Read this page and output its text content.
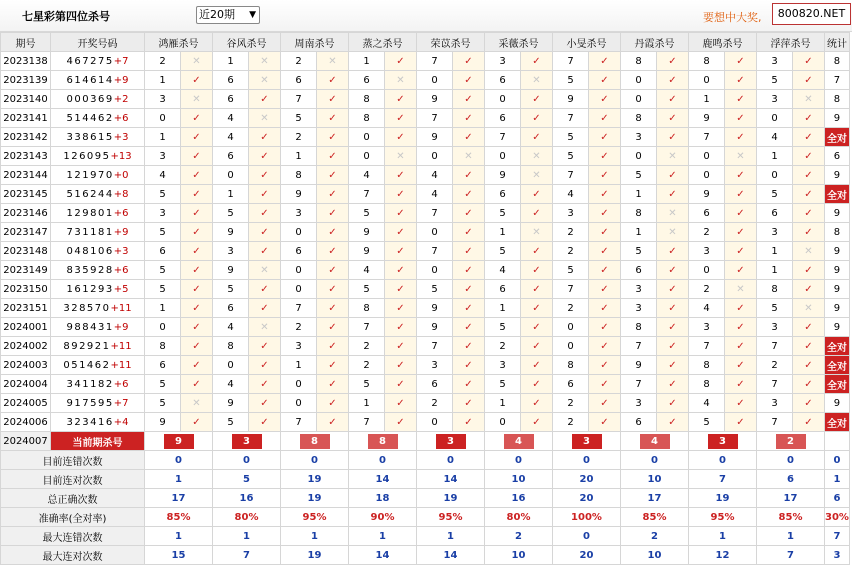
七星彩第四位杀号	近20期 ▼	要想中大奖,	800820.NET
期号	开奖号码	鸿雁杀号		谷风杀号		周南杀号		蒸之杀号		荣苡杀号		采薇杀号		小旻杀号		丹霞杀号		鹿鸣杀号		浮萍杀号		统计
2023138	467275+7	2	✕	1	✕	2	✕	1	✓	7	✓	3	✓	7	✓	8	✓	8	✓	3	✓	8
2023139	614614+9	1	✓	6	✕	6	✓	6	✕	0	✓	6	✕	5	✓	0	✓	0	✓	5	✓	7
2023140	000369+2	3	✕	6	✓	7	✓	8	✓	9	✓	0	✓	9	✓	0	✓	1	✓	3	✕	8
2023141	514462+6	0	✓	4	✕	5	✓	8	✓	7	✓	6	✓	7	✓	8	✓	9	✓	0	✓	9
2023142	338615+3	1	✓	4	✓	2	✓	0	✓	9	✓	7	✓	5	✓	3	✓	7	✓	4	✓	全对
2023143	126095+13	3	✓	6	✓	1	✓	0	✕	0	✕	0	✕	5	✓	0	✕	0	✕	1	✓	6
2023144	121970+0	4	✓	0	✓	8	✓	4	✓	4	✓	9	✕	7	✓	5	✓	0	✓	0	✓	9
2023145	516244+8	5	✓	1	✓	9	✓	7	✓	4	✓	6	✓	4	✓	1	✓	9	✓	5	✓	全对
2023146	129801+6	3	✓	5	✓	3	✓	5	✓	7	✓	5	✓	3	✓	8	✕	6	✓	6	✓	9
2023147	731181+9	5	✓	9	✓	0	✓	9	✓	0	✓	1	✕	2	✓	1	✕	2	✓	3	✓	8
2023148	048106+3	6	✓	3	✓	6	✓	9	✓	7	✓	5	✓	2	✓	5	✓	3	✓	1	✕	9
2023149	835928+6	5	✓	9	✕	0	✓	4	✓	0	✓	4	✓	5	✓	6	✓	0	✓	1	✓	9
2023150	161293+5	5	✓	5	✓	0	✓	5	✓	5	✓	6	✓	7	✓	3	✓	2	✕	8	✓	9
2023151	328570+11	1	✓	6	✓	7	✓	8	✓	9	✓	1	✓	2	✓	3	✓	4	✓	5	✕	9
2024001	988431+9	0	✓	4	✕	2	✓	7	✓	9	✓	5	✓	0	✓	8	✓	3	✓	3	✓	9
2024002	892921+11	8	✓	8	✓	3	✓	2	✓	7	✓	2	✓	0	✓	7	✓	7	✓	7	✓	全对
2024003	051462+11	6	✓	0	✓	1	✓	2	✓	3	✓	3	✓	8	✓	9	✓	8	✓	2	✓	全对
2024004	341182+6	5	✓	4	✓	0	✓	5	✓	6	✓	5	✓	6	✓	7	✓	8	✓	7	✓	全对
2024005	917595+7	5	✕	9	✓	0	✓	1	✓	2	✓	1	✓	2	✓	3	✓	4	✓	3	✓	9
2024006	323416+4	9	✓	5	✓	7	✓	7	✓	0	✓	0	✓	2	✓	6	✓	5	✓	7	✓	全对
2024007	当前期杀号	9		3		8		8		3		4		3		4		3		2		
目前连错次数		0		0		0		0		0		0		0		0		0		0		0
目前连对次数		1		5		19		14		14		10		20		10		7		6		1
总正确次数		17		16		19		18		19		16		20		17		19		17		6
准确率(全对率)		85%		80%		95%		90%		95%		80%		100%		85%		95%		85%		30%
最大连错次数		1		1		1		1		1		2		0		2		1		1		7
最大连对次数		15		7		19		14		14		10		20		10		12		7		3
